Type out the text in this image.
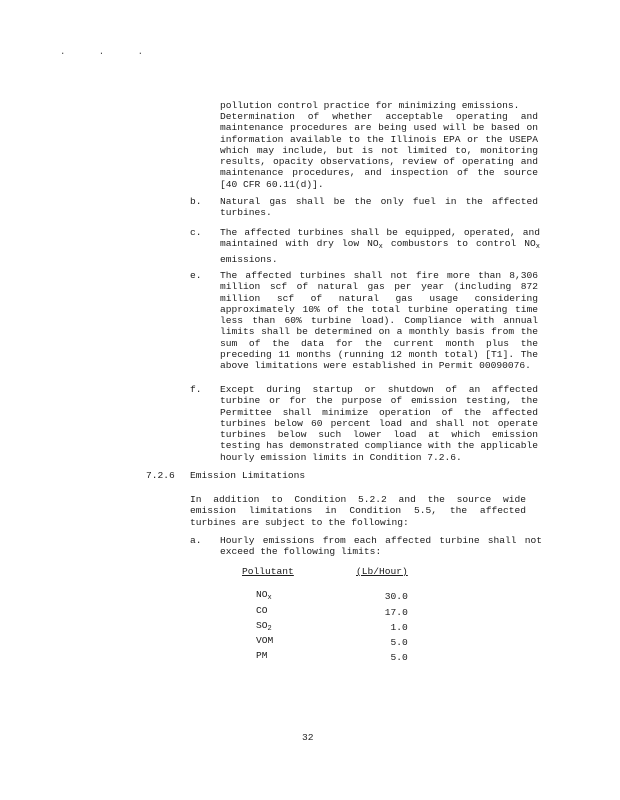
. . .
pollution control practice for minimizing emissions.
Determination of whether acceptable operating and maintenance procedures are being used will be based on information available to the Illinois EPA or the USEPA which may include, but is not limited to, monitoring results, opacity observations, review of operating and maintenance procedures, and inspection of the source [40 CFR 60.11(d)].
b. Natural gas shall be the only fuel in the affected turbines.
c. The affected turbines shall be equipped, operated, and maintained with dry low $NO_x$ combustors to control $NO_x$ emissions.
e. The affected turbines shall not fire more than 8,306 million scf of natural gas per year (including 872 million scf of natural gas usage considering approximately 10% of the total turbine operating time less than 60% turbine load). Compliance with annual limits shall be determined on a monthly basis from the sum of the data for the current month plus the preceding 11 months (running 12 month total) [T1]. The above limitations were established in Permit 00090076.
f. Except during startup or shutdown of an affected turbine or for the purpose of emission testing, the Permittee shall minimize operation of the affected turbines below 60 percent load and shall not operate turbines below such lower load at which emission testing has demonstrated compliance with the applicable hourly emission limits in Condition 7.2.6.
7.2.6 Emission Limitations
In addition to Condition 5.2.2 and the source wide emission limitations in Condition 5.5, the affected turbines are subject to the following:
a. Hourly emissions from each affected turbine shall not exceed the following limits:
Pollutant	(Lb/Hour)
$NO_x$	30.0
CO	17.0
$SO_2$	1.0
VOM	5.0
PM	5.0
32
